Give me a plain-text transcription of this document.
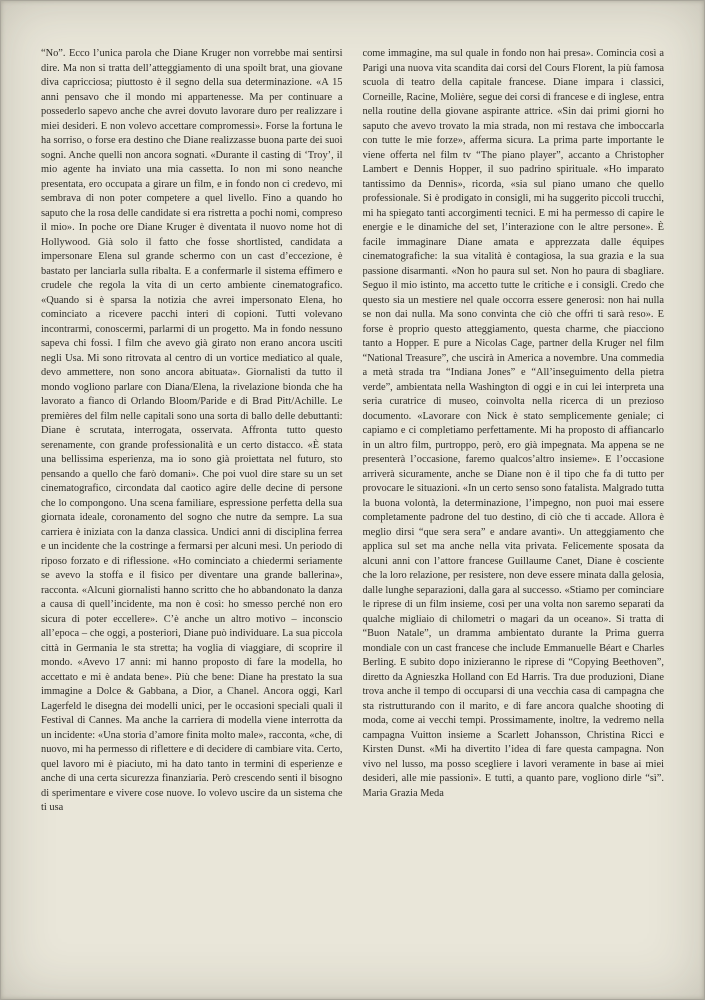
“No”. Ecco l’unica parola che Diane Kruger non vorrebbe mai sentirsi dire. Ma non si tratta dell’atteggiamento di una spoilt brat, una giovane diva capricciosa; piuttosto è il segno della sua determinazione. «A 15 anni pensavo che il mondo mi appartenesse. Ma per continuare a possederlo sapevo anche che avrei dovuto lavorare duro per realizzare i miei desideri. E non volevo accettare compromessi». Forse la fortuna le ha sorriso, o forse era destino che Diane realizzasse buona parte dei suoi sogni. Anche quelli non ancora sognati. «Durante il casting di ‘Troy’, il mio agente ha inviato una mia cassetta. Io non mi sono neanche presentata, ero occupata a girare un film, e in fondo non ci credevo, mi sembrava di non poter competere a quel livello. Fino a quando ho saputo che la rosa delle candidate si era ristretta a pochi nomi, compreso il mio». In poche ore Diane Kruger è diventata il nuovo nome hot di Hollywood. Già solo il fatto che fosse shortlisted, candidata a impersonare Elena sul grande schermo con un cast d’eccezione, è bastato per lanciarla sulla ribalta. E a confermarle il sistema effimero e crudele che regola la vita di un certo ambiente cinematografico. «Quando si è sparsa la notizia che avrei impersonato Elena, ho cominciato a ricevere pacchi interi di copioni. Tutti volevano incontrarmi, conoscermi, parlarmi di un progetto. Ma in fondo nessuno sapeva chi fossi. I film che avevo già girato non erano ancora usciti negli Usa. Mi sono ritrovata al centro di un vortice mediatico al quale, devo ammettere, non sono ancora abituata». Giornalisti da tutto il mondo vogliono parlare con Diana/Elena, la rivelazione bionda che ha lavorato a fianco di Orlando Bloom/Paride e di Brad Pitt/Achille. Le premières del film nelle capitali sono una sorta di ballo delle debuttanti: Diane è scrutata, interrogata, osservata. Affronta tutto questo serenamente, con grande professionalità e un certo distacco. «È stata una bellissima esperienza, ma io sono già proiettata nel futuro, sto pensando a quello che farò domani». Che poi vuol dire stare su un set cinematografico, circondata dal caotico agire delle decine di persone che lo compongono. Una scena familiare, espressione perfetta della sua giornata ideale, coronamento del sogno che nutre da sempre. La sua carriera è iniziata con la danza classica. Undici anni di disciplina ferrea e un incidente che la costringe a fermarsi per alcuni mesi. Un periodo di riposo forzato e di riflessione. «Ho cominciato a chiedermi seriamente se avevo la stoffa e il fisico per diventare una grande ballerina», racconta. «Alcuni giornalisti hanno scritto che ho abbandonato la danza a causa di quell’incidente, ma non è così: ho smesso perché non ero sicura di poter eccellere». C’è anche un altro motivo – inconscio all’epoca – che oggi, a posteriori, Diane può individuare. La sua piccola città in Germania le sta stretta; ha voglia di viaggiare, di scoprire il mondo. «Avevo 17 anni: mi hanno proposto di fare la modella, ho accettato e mi è andata bene». Più che bene: Diane ha prestato la sua immagine a Dolce & Gabbana, a Dior, a Chanel. Ancora oggi, Karl Lagerfeld le disegna dei modelli unici, per le occasioni speciali quali il Festival di Cannes. Ma anche la carriera di modella viene interrotta da un incidente: «Una storia d’amore finita molto male», racconta, «che, di nuovo, mi ha permesso di riflettere e di decidere di cambiare vita. Certo, quel lavoro mi è piaciuto, mi ha dato tanto in termini di esperienze e anche di una certa sicurezza finanziaria. Però crescendo senti il bisogno di sperimentare e vivere cose nuove. Io volevo uscire da un sistema che ti usa
come immagine, ma sul quale in fondo non hai presa». Comincia così a Parigi una nuova vita scandita dai corsi del Cours Florent, la più famosa scuola di teatro della capitale francese. Diane impara i classici, Corneille, Racine, Molière, segue dei corsi di francese e di inglese, entra nella routine della giovane aspirante attrice. «Sin dai primi giorni ho saputo che avevo trovato la mia strada, non mi restava che imboccarla con tutte le mie forze», afferma sicura. La prima parte importante le viene offerta nel film tv “The piano player”, accanto a Christopher Lambert e Dennis Hopper, il suo padrino spirituale. «Ho imparato tantissimo da Dennis», ricorda, «sia sul piano umano che quello professionale. Si è prodigato in consigli, mi ha suggerito piccoli trucchi, mi ha spiegato tanti accorgimenti tecnici. E mi ha permesso di capire le energie e le dinamiche del set, l’interazione con le altre persone». È facile immaginare Diane amata e apprezzata dalle équipes cinematografiche: la sua vitalità è contagiosa, la sua grazia e la sua passione disarmanti. «Non ho paura sul set. Non ho paura di sbagliare. Seguo il mio istinto, ma accetto tutte le critiche e i consigli. Credo che questo sia un mestiere nel quale occorra essere generosi: non hai nulla se non dai nulla. Ma sono convinta che ciò che offri ti sarà reso». E forse è proprio questo atteggiamento, questa charme, che piacciono tanto a Hopper. E pure a Nicolas Cage, partner della Kruger nel film “National Treasure”, che uscirà in America a novembre. Una commedia a metà strada tra “Indiana Jones” e “All’inseguimento della pietra verde”, ambientata nella Washington di oggi e in cui lei interpreta una seria curatrice di museo, coinvolta nella ricerca di un prezioso documento. «Lavorare con Nick è stato semplicemente geniale; ci capiamo e ci completiamo perfettamente. Mi ha proposto di affiancarlo in un altro film, purtroppo, però, ero già impegnata. Ma appena se ne presenterà l’occasione, faremo qualcos’altro insieme». E l’occasione arriverà sicuramente, anche se Diane non è il tipo che fa di tutto per provocare le situazioni. «In un certo senso sono fatalista. Malgrado tutta la buona volontà, la determinazione, l’impegno, non puoi mai essere completamente padrone del tuo destino, di ciò che ti accade. Allora è meglio dirsi “que sera sera” e andare avanti». Un atteggiamento che applica sul set ma anche nella vita privata. Felicemente sposata da alcuni anni con l’attore francese Guillaume Canet, Diane è cosciente che la loro relazione, per resistere, non deve essere minata dalla gelosia, dalle lunghe separazioni, dalla gara al successo. «Stiamo per cominciare le riprese di un film insieme, così per una volta non saremo separati da qualche migliaio di chilometri o magari da un oceano». Si tratta di “Buon Natale”, un dramma ambientato durante la Prima guerra mondiale con un cast francese che include Emmanuelle Béart e Charles Berling. E subito dopo inizieranno le riprese di “Copying Beethoven”, diretto da Agnieszka Holland con Ed Harris. Tra due produzioni, Diane trova anche il tempo di occuparsi di una vecchia casa di campagna che sta ristrutturando con il marito, e di fare ancora qualche shooting di moda, come ai vecchi tempi. Prossimamente, inoltre, la vedremo nella campagna Vuitton insieme a Scarlett Johansson, Christina Ricci e Kirsten Dunst. «Mi ha divertito l’idea di fare questa campagna. Non vivo nel lusso, ma posso scegliere i lavori veramente in base ai miei desideri, alle mie passioni». E tutti, a quanto pare, vogliono dirle “sì”. Maria Grazia Meda
